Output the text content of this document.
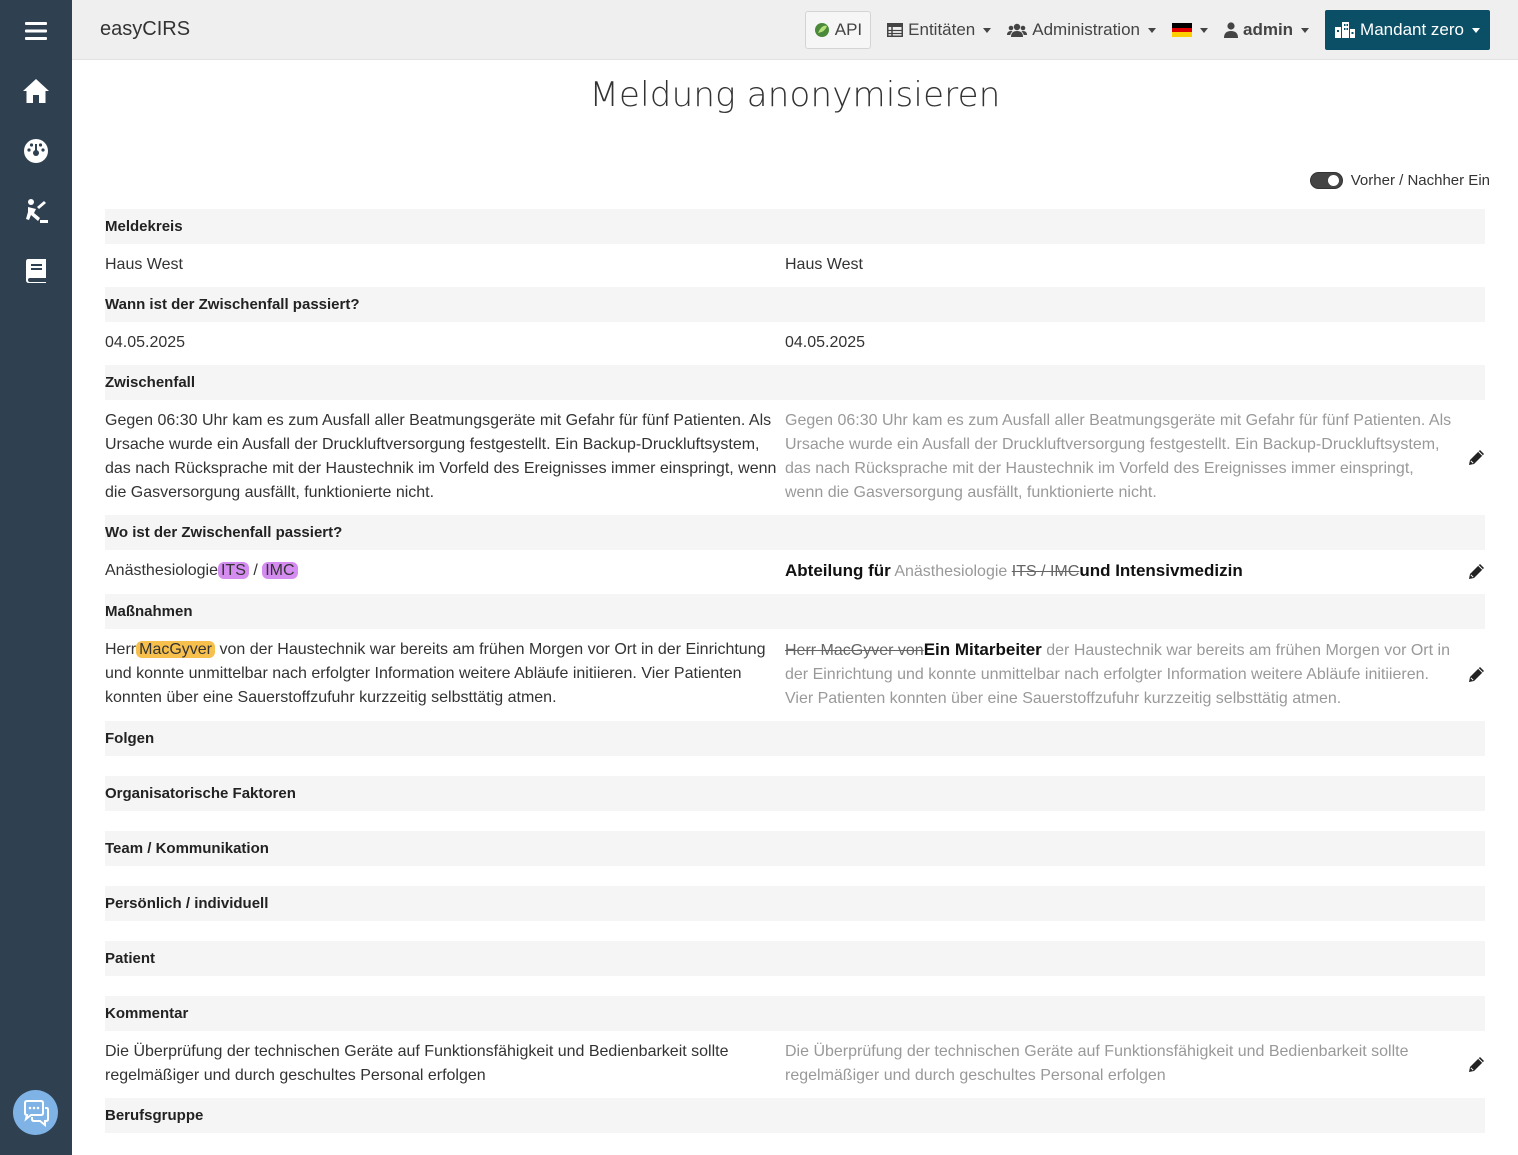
easyCIRS	API	Entitäten	Administration	admin	Mandant zero
Meldung anonymisieren
Vorher / Nachher Ein
Meldekreis
Haus West	Haus West
Wann ist der Zwischenfall passiert?
04.05.2025	04.05.2025
Zwischenfall
Gegen 06:30 Uhr kam es zum Ausfall aller Beatmungsgeräte mit Gefahr für fünf Patienten. Als Ursache wurde ein Ausfall der Druckluftversorgung festgestellt. Ein Backup-Druckluftsystem, das nach Rücksprache mit der Haustechnik im Vorfeld des Ereignisses immer einspringt, wenn die Gasversorgung ausfällt, funktionierte nicht.
Gegen 06:30 Uhr kam es zum Ausfall aller Beatmungsgeräte mit Gefahr für fünf Patienten. Als Ursache wurde ein Ausfall der Druckluftversorgung festgestellt. Ein Backup-Druckluftsystem, das nach Rücksprache mit der Haustechnik im Vorfeld des Ereignisses immer einspringt, wenn die Gasversorgung ausfällt, funktionierte nicht.
Wo ist der Zwischenfall passiert?
Anästhesiologie ITS / IMC	Abteilung für Anästhesiologie ITS / IMCund Intensivmedizin
Maßnahmen
Herr MacGyver von der Haustechnik war bereits am frühen Morgen vor Ort in der Einrichtung und konnte unmittelbar nach erfolgter Information weitere Abläufe initiieren. Vier Patienten konnten über eine Sauerstoffzufuhr kurzzeitig selbsttätig atmen.
Herr MacGyver vonEin Mitarbeiter der Haustechnik war bereits am frühen Morgen vor Ort in der Einrichtung und konnte unmittelbar nach erfolgter Information weitere Abläufe initiieren. Vier Patienten konnten über eine Sauerstoffzufuhr kurzzeitig selbsttätig atmen.
Folgen
Organisatorische Faktoren
Team / Kommunikation
Persönlich / individuell
Patient
Kommentar
Die Überprüfung der technischen Geräte auf Funktionsfähigkeit und Bedienbarkeit sollte regelmäßiger und durch geschultes Personal erfolgen
Die Überprüfung der technischen Geräte auf Funktionsfähigkeit und Bedienbarkeit sollte regelmäßiger und durch geschultes Personal erfolgen
Berufsgruppe
